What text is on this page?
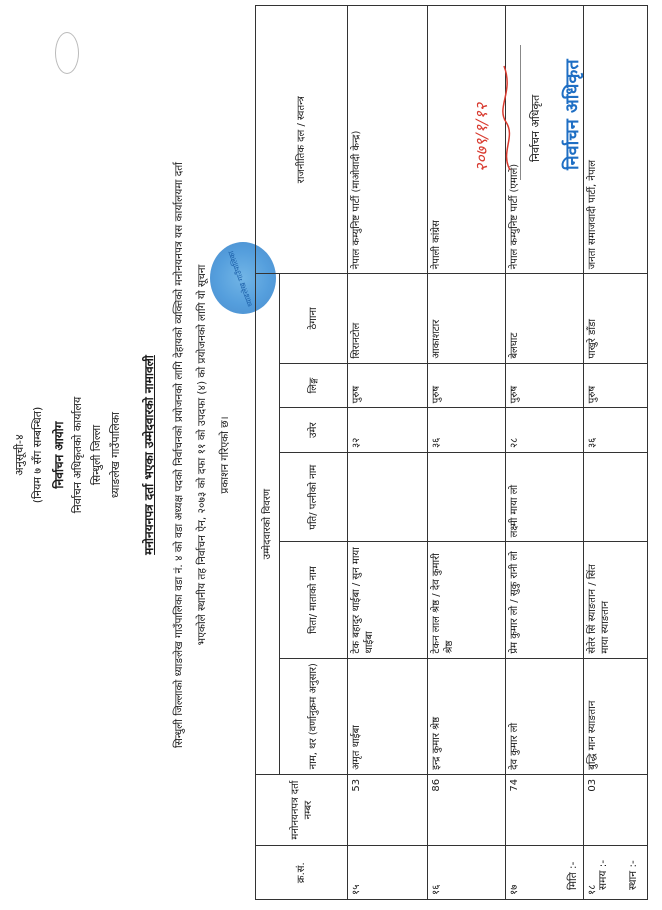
अनुसूची-४ (नियम ७ सँग सम्बन्धित) निर्वाचन आयोग निर्वाचन अधिकृतको कार्यालय सिन्धुली जिल्ला ध्याङलेख गाउँपालिका मनोनयनपत्र दर्ता भएका उम्मेदवारको नामावली
ध्याङलेख गाउँपालिका
सिन्धुली जिल्लाको ध्याङलेख गाउँपालिका वडा नं. ४ को वडा अध्यक्ष पदको निर्वाचनको प्रयोजनको लागि देहायको व्यक्तिको मनोनयनपत्र यस कार्यालयमा दर्ता भएकोले स्थानीय तह निर्वाचन ऐन, २०७३ को दफा ११ को उपदफा (४) को प्रयोजनको लागि यो सूचना प्रकाशन गरिएको छ।
क्र.सं.	मनोनयनपत्र दर्ता नम्बर	उम्मेदवारको विवरण						राजनीतिक दल / स्वतन्त्र
		नाम, थर (वर्णानुक्रम अनुसार)	पिता/ माताको नाम	पति/ पत्नीको नाम	उमेर	लिङ्ग	ठेगाना	
१५	53	अमृत थाईबा	टेक बहादुर थाईबा / सुन माया थाईबा		३२	पुरुष	सिरानटोल	नेपाल कम्युनिष्ट पार्टी (माओवादी केन्द्र)
१६	86	इन्द्र कुमार श्रेष्ठ	टेकन लाल श्रेष्ठ / देव कुमारी श्रेष्ठ		३६	पुरुष	आकाशटार	नेपाली कांग्रेस
१७	74	देव कुमार लो	प्रेम कुमार लो / सुकु रानी लो	लक्ष्मी माया लो	२८	पुरुष	बेलघाट	नेपाल कम्युनिष्ट पार्टी (एमाले)
१८	03	बुद्धि मान स्याङतान	सेतेर सिं स्याङतान / सिंत माया स्याङतान		३६	पुरुष	पाखुरे डाँडा	जनता समाजवादी पार्टी, नेपाल
मिति :- समय :- स्थान :-
२०७९/१/१२	निर्वाचन अधिकृत निर्वाचन अधिकृत
